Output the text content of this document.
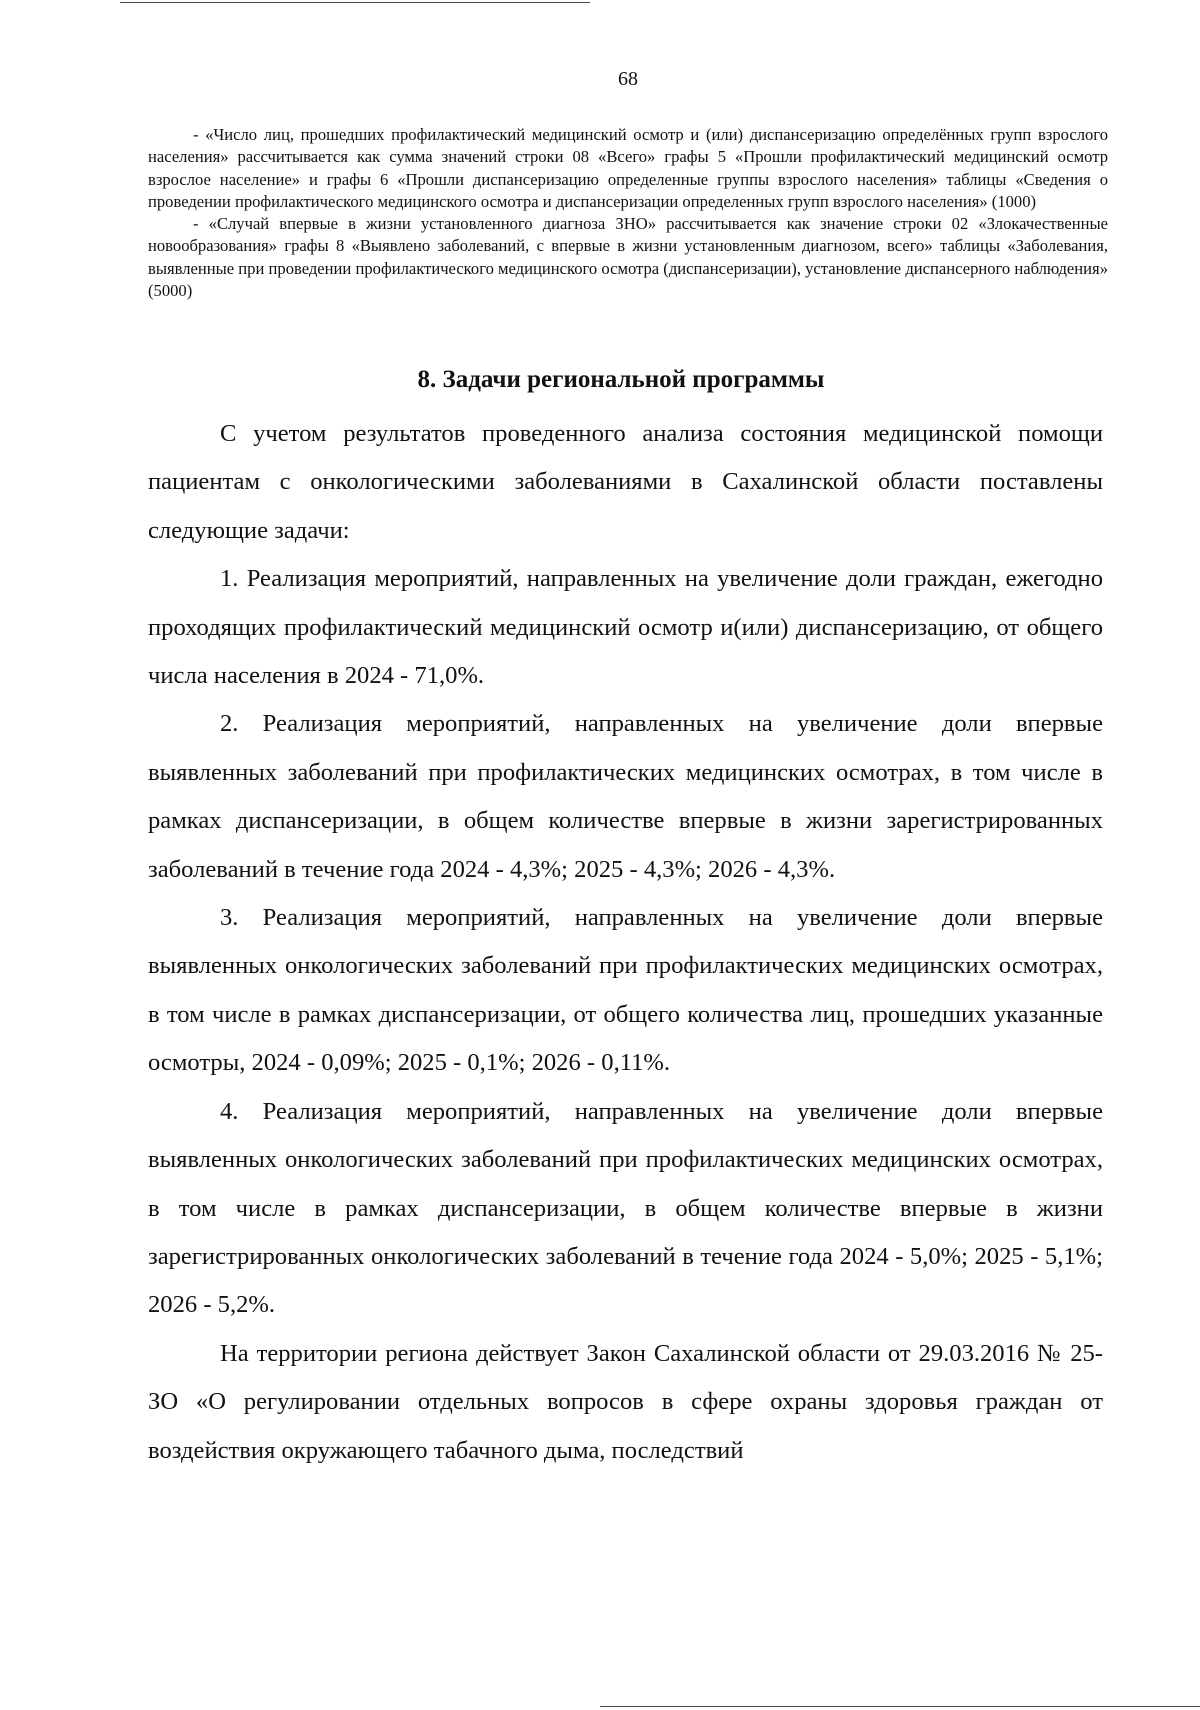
68

- «Число лиц, прошедших профилактический медицинский осмотр и (или) диспансеризацию определённых групп взрослого населения» рассчитывается как сумма значений строки 08 «Всего» графы 5 «Прошли профилактический медицинский осмотр взрослое население» и графы 6 «Прошли диспансеризацию определенные группы взрослого населения» таблицы «Сведения о проведении профилактического медицинского осмотра и диспансеризации определенных групп взрослого населения» (1000)

- «Случай впервые в жизни установленного диагноза ЗНО» рассчитывается как значение строки 02 «Злокачественные новообразования» графы 8 «Выявлено заболеваний, с впервые в жизни установленным диагнозом, всего» таблицы «Заболевания, выявленные при проведении профилактического медицинского осмотра (диспансеризации), установление диспансерного наблюдения» (5000)

8. Задачи региональной программы

С учетом результатов проведенного анализа состояния медицинской помощи пациентам с онкологическими заболеваниями в Сахалинской области поставлены следующие задачи:

1. Реализация мероприятий, направленных на увеличение доли граждан, ежегодно проходящих профилактический медицинский осмотр и(или) диспансеризацию, от общего числа населения в 2024 - 71,0%.

2. Реализация мероприятий, направленных на увеличение доли впервые выявленных заболеваний при профилактических медицинских осмотрах, в том числе в рамках диспансеризации, в общем количестве впервые в жизни зарегистрированных заболеваний в течение года 2024 - 4,3%; 2025 - 4,3%; 2026 - 4,3%.

3. Реализация мероприятий, направленных на увеличение доли впервые выявленных онкологических заболеваний при профилактических медицинских осмотрах, в том числе в рамках диспансеризации, от общего количества лиц, прошедших указанные осмотры, 2024 - 0,09%; 2025 - 0,1%; 2026 - 0,11%.

4. Реализация мероприятий, направленных на увеличение доли впервые выявленных онкологических заболеваний при профилактических медицинских осмотрах, в том числе в рамках диспансеризации, в общем количестве впервые в жизни зарегистрированных онкологических заболеваний в течение года 2024 - 5,0%; 2025 - 5,1%; 2026 - 5,2%.

На территории региона действует Закон Сахалинской области от 29.03.2016 № 25-ЗО «О регулировании отдельных вопросов в сфере охраны здоровья граждан от воздействия окружающего табачного дыма, последствий
